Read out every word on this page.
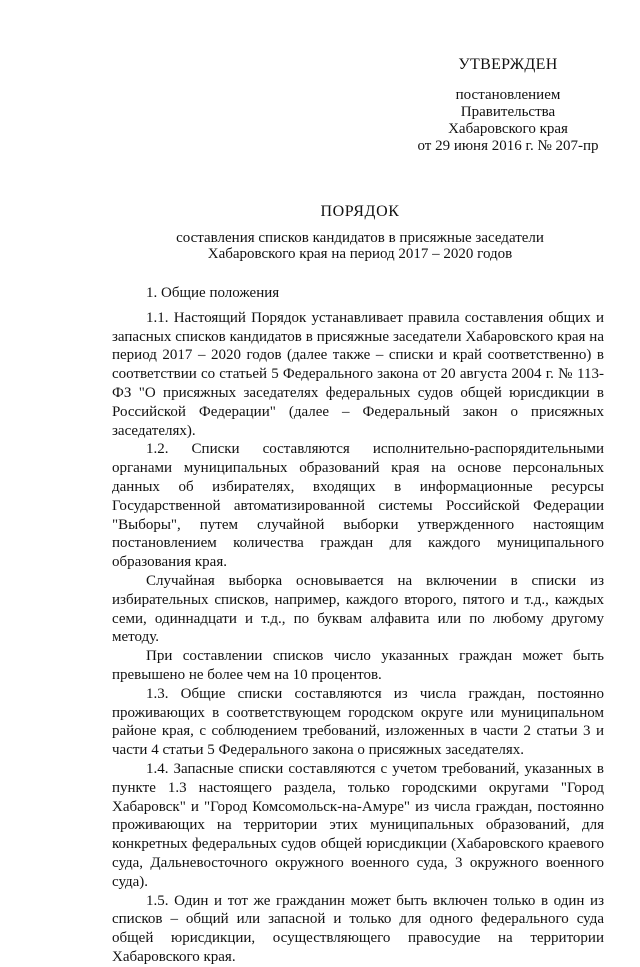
УТВЕРЖДЕН
постановлением
Правительства
Хабаровского края
от 29 июня 2016 г. № 207-пр
ПОРЯДОК
составления списков кандидатов в присяжные заседатели
Хабаровского края на период 2017 – 2020 годов
1. Общие положения

1.1. Настоящий Порядок устанавливает правила составления общих и запасных списков кандидатов в присяжные заседатели Хабаровского края на период 2017 – 2020 годов (далее также – списки и край соответственно) в соответствии со статьей 5 Федерального закона от 20 августа 2004 г. № 113-ФЗ "О присяжных заседателях федеральных судов общей юрисдикции в Российской Федерации" (далее – Федеральный закон о присяжных заседателях).

1.2. Списки составляются исполнительно-распорядительными органами муниципальных образований края на основе персональных данных об избирателях, входящих в информационные ресурсы Государственной автоматизированной системы Российской Федерации "Выборы", путем случайной выборки утвержденного настоящим постановлением количества граждан для каждого муниципального образования края.

Случайная выборка основывается на включении в списки из избирательных списков, например, каждого второго, пятого и т.д., каждых семи, одиннадцати и т.д., по буквам алфавита или по любому другому методу.

При составлении списков число указанных граждан может быть превышено не более чем на 10 процентов.

1.3. Общие списки составляются из числа граждан, постоянно проживающих в соответствующем городском округе или муниципальном районе края, с соблюдением требований, изложенных в части 2 статьи 3 и части 4 статьи 5 Федерального закона о присяжных заседателях.

1.4. Запасные списки составляются с учетом требований, указанных в пункте 1.3 настоящего раздела, только городскими округами "Город Хабаровск" и "Город Комсомольск-на-Амуре" из числа граждан, постоянно проживающих на территории этих муниципальных образований, для конкретных федеральных судов общей юрисдикции (Хабаровского краевого суда, Дальневосточного окружного военного суда, 3 окружного военного суда).

1.5. Один и тот же гражданин может быть включен только в один из списков – общий или запасной и только для одного федерального суда общей юрисдикции, осуществляющего правосудие на территории Хабаровского края.
